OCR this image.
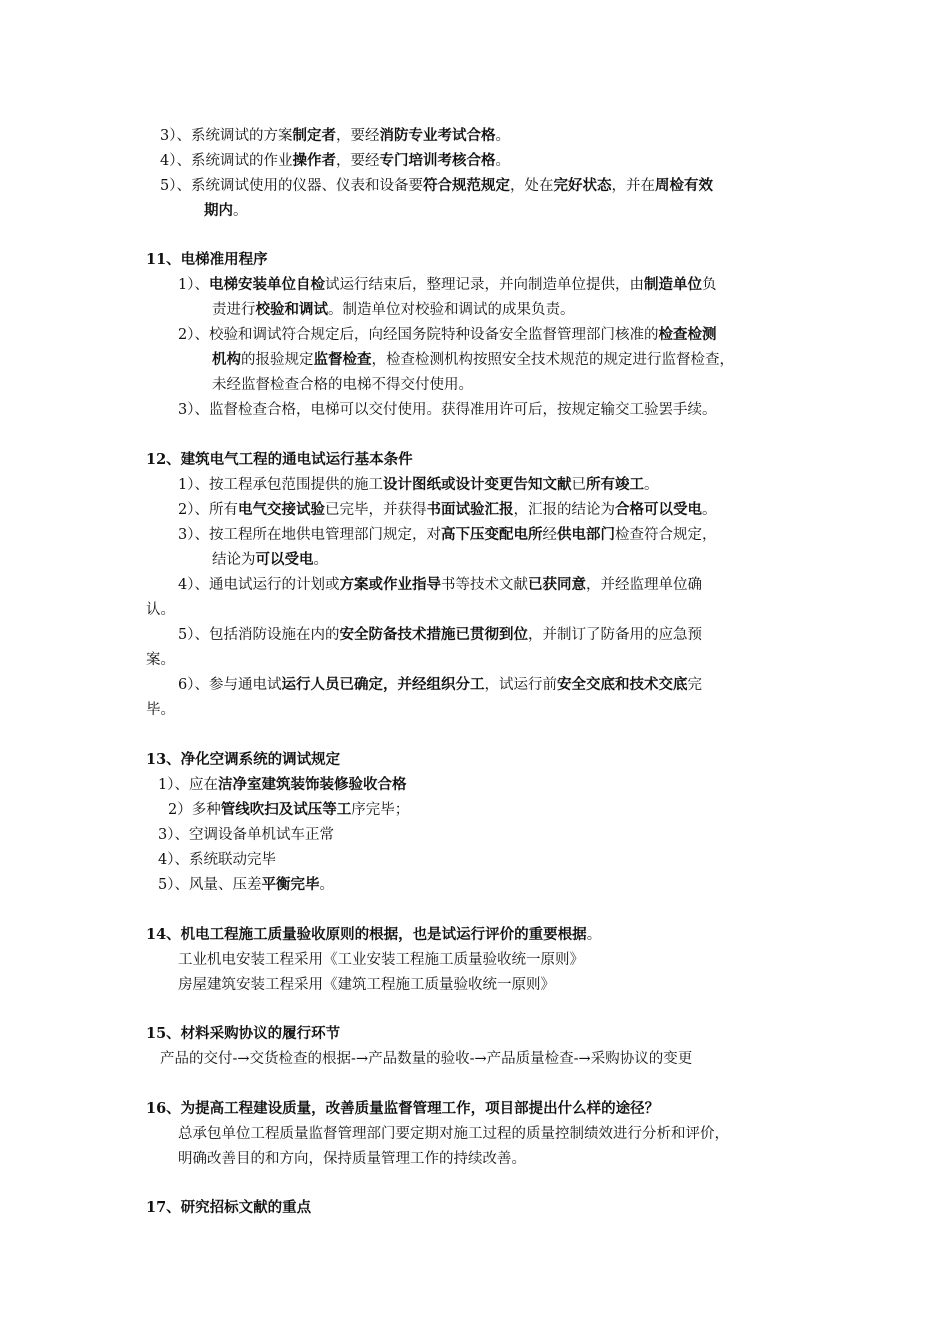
3）、系统调试的方案制定者，要经消防专业考试合格。
4）、系统调试的作业操作者，要经专门培训考核合格。
5）、系统调试使用的仪器、仪表和设备要符合规范规定，处在完好状态，并在周检有效
期内。
11、电梯准用程序
1）、电梯安装单位自检试运行结束后，整理记录，并向制造单位提供，由制造单位负
责进行校验和调试。制造单位对校验和调试的成果负责。
2）、校验和调试符合规定后，向经国务院特种设备安全监督管理部门核准的检查检测
机构的报验规定监督检查，检查检测机构按照安全技术规范的规定进行监督检查，
未经监督检查合格的电梯不得交付使用。
3）、监督检查合格，电梯可以交付使用。获得准用许可后，按规定输交工验罢手续。
12、建筑电气工程的通电试运行基本条件
1）、按工程承包范围提供的施工设计图纸或设计变更告知文献已所有竣工。
2）、所有电气交接试验已完毕，并获得书面试验汇报，汇报的结论为合格可以受电。
3）、按工程所在地供电管理部门规定，对高下压变配电所经供电部门检查符合规定，
结论为可以受电。
4）、通电试运行的计划或方案或作业指导书等技术文献已获同意，并经监理单位确
认。
5）、包括消防设施在内的安全防备技术措施已贯彻到位，并制订了防备用的应急预
案。
6）、参与通电试运行人员已确定，并经组织分工，试运行前安全交底和技术交底完
毕。
13、净化空调系统的调试规定
1）、应在洁净室建筑装饰装修验收合格
2）多种管线吹扫及试压等工序完毕；
3）、空调设备单机试车正常
4）、系统联动完毕
5）、风量、压差平衡完毕。
14、机电工程施工质量验收原则的根据，也是试运行评价的重要根据。
工业机电安装工程采用《工业安装工程施工质量验收统一原则》
房屋建筑安装工程采用《建筑工程施工质量验收统一原则》
15、材料采购协议的履行环节
产品的交付-→交货检查的根据-→产品数量的验收-→产品质量检查-→采购协议的变更
16、为提高工程建设质量，改善质量监督管理工作，项目部提出什么样的途径？
总承包单位工程质量监督管理部门要定期对施工过程的质量控制绩效进行分析和评价，
明确改善目的和方向，保持质量管理工作的持续改善。
17、研究招标文献的重点
